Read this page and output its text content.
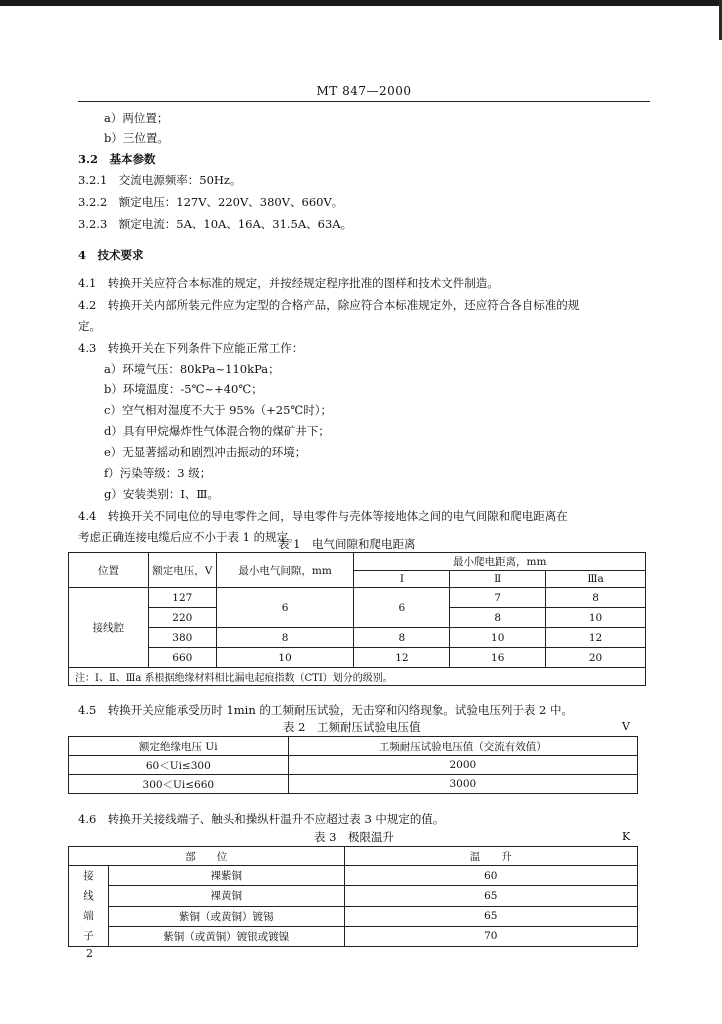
MT 847—2000
a）两位置；
b）三位置。
3.2　基本参数
3.2.1　交流电源频率：50Hz。
3.2.2　额定电压：127V、220V、380V、660V。
3.2.3　额定电流：5A、10A、16A、31.5A、63A。
4　技术要求
4.1　转换开关应符合本标准的规定，并按经规定程序批准的图样和技术文件制造。
4.2　转换开关内部所装元件应为定型的合格产品，除应符合本标准规定外，还应符合各自标准的规
定。
4.3　转换开关在下列条件下应能正常工作：
a）环境气压：80kPa~110kPa；
b）环境温度：-5℃~+40℃；
c）空气相对湿度不大于 95%（+25℃时）；
d）具有甲烷爆炸性气体混合物的煤矿井下；
e）无显著摇动和剧烈冲击振动的环境；
f）污染等级：3 级；
g）安装类别：Ⅰ、Ⅲ。
4.4　转换开关不同电位的导电零件之间，导电零件与壳体等接地体之间的电气间隙和爬电距离在
考虑正确连接电缆后应不小于表 1 的规定。
表 1　电气间隙和爬电距离
位置	额定电压，V	最小电气间隙，mm	最小爬电距离，mm		
			Ⅰ	Ⅱ	Ⅲa
接线腔	127	6	6	7	8
	220			8	10
	380	8	8	10	12
	660	10	12	16	20
注：Ⅰ、Ⅱ、Ⅲa 系根据绝缘材料相比漏电起痕指数（CTI）划分的级别。					
4.5　转换开关应能承受历时 1min 的工频耐压试验，无击穿和闪络现象。试验电压列于表 2 中。
表 2　工频耐压试验电压值	V
额定绝缘电压 Ui	工频耐压试验电压值（交流有效值）
60＜Ui≤300	2000
300＜Ui≤660	3000
4.6　转换开关接线端子、触头和操纵杆温升不应超过表 3 中规定的值。
表 3　极限温升	K
部　　位		温　　升

接
线
端
子	裸紫铜	60
	裸黄铜	65
	紫铜（或黄铜）镀锡	65
	紫铜（或黄铜）镀银或镀镍	70
2
